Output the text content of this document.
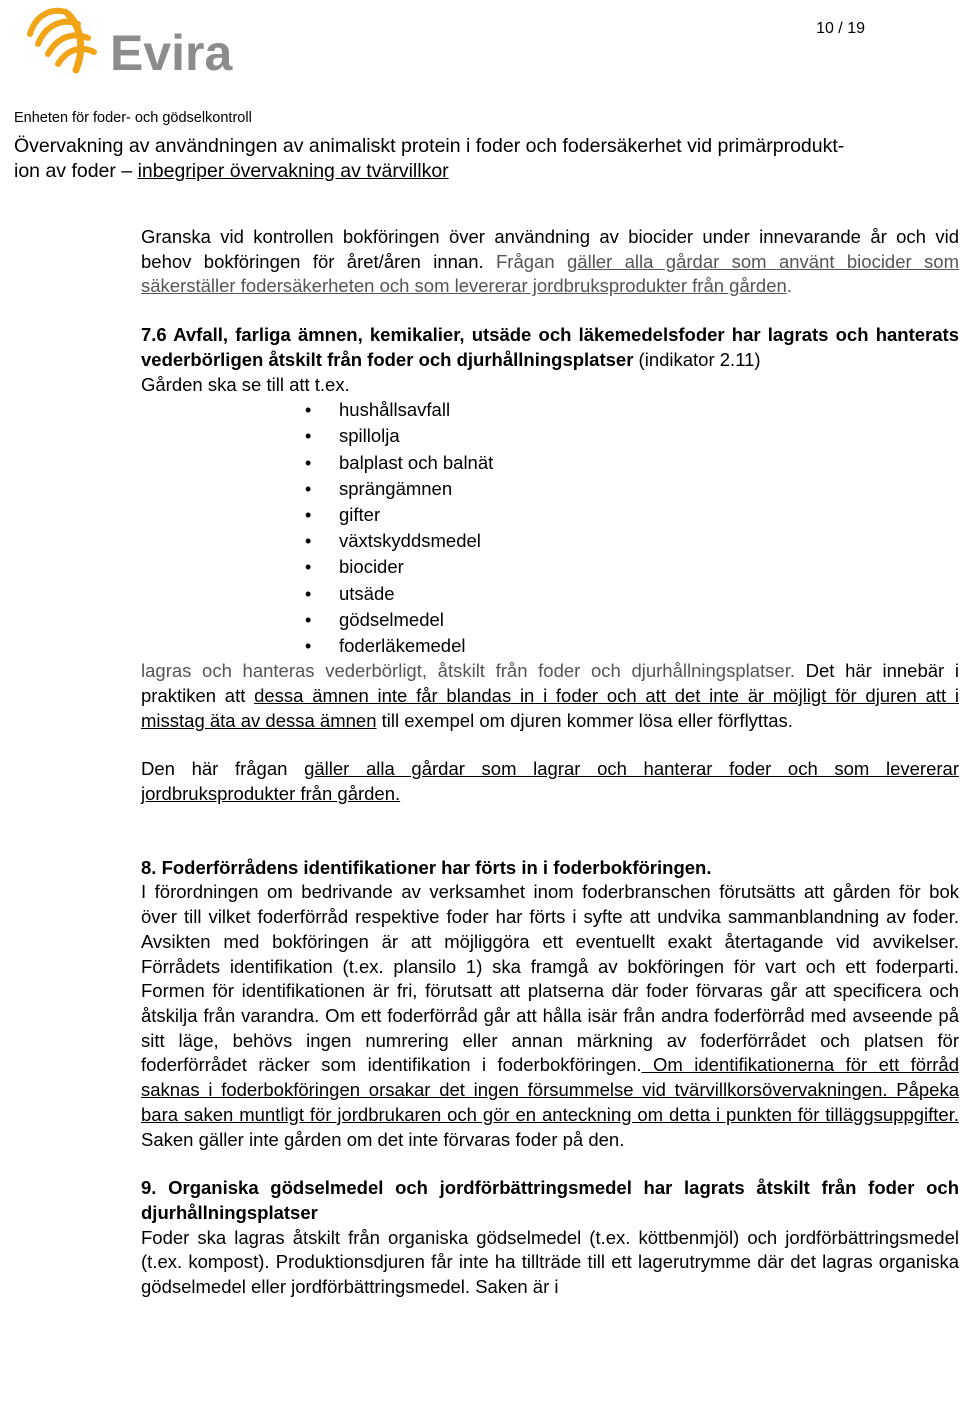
Evira	10 / 19
Enheten för foder- och gödselkontroll
Övervakning av användningen av animaliskt protein i foder och fodersäkerhet vid primärprodukt-
ion av foder – inbegriper övervakning av tvärvillkor

Granska vid kontrollen bokföringen över användning av biocider under innevarande år och vid behov bokföringen för året/åren innan. Frågan gäller alla gårdar som använt biocider som säkerställer fodersäkerheten och som levererar jordbruksprodukter från gården.

7.6 Avfall, farliga ämnen, kemikalier, utsäde och läkemedelsfoder har lagrats och hanterats vederbörligen åtskilt från foder och djurhållningsplatser (indikator 2.11)

Gården ska se till att t.ex.

• hushållsavfall
• spillolja
• balplast och balnät
• sprängämnen
• gifter
• växtskyddsmedel
• biocider
• utsäde
• gödselmedel
• foderläkemedel

lagras och hanteras vederbörligt, åtskilt från foder och djurhållningsplatser. Det här innebär i praktiken att dessa ämnen inte får blandas in i foder och att det inte är möjligt för djuren att i misstag äta av dessa ämnen till exempel om djuren kommer lösa eller förflyttas.

Den här frågan gäller alla gårdar som lagrar och hanterar foder och som levererar jordbruksprodukter från gården.

8. Foderförrådens identifikationer har förts in i foderbokföringen.

I förordningen om bedrivande av verksamhet inom foderbranschen förutsätts att gården för bok över till vilket foderförråd respektive foder har förts i syfte att undvika sammanblandning av foder. Avsikten med bokföringen är att möjliggöra ett eventuellt exakt återtagande vid avvikelser. Förrådets identifikation (t.ex. plansilo 1) ska framgå av bokföringen för vart och ett foderparti. Formen för identifikationen är fri, förutsatt att platserna där foder förvaras går att specificera och åtskilja från varandra. Om ett foderförråd går att hålla isär från andra foderförråd med avseende på sitt läge, behövs ingen numrering eller annan märkning av foderförrådet och platsen för foderförrådet räcker som identifikation i foderbokföringen. Om identifikationerna för ett förråd saknas i foderbokföringen orsakar det ingen försummelse vid tvärvillkorsövervakningen. Påpeka bara saken muntligt för jordbrukaren och gör en anteckning om detta i punkten för tilläggsuppgifter. Saken gäller inte gården om det inte förvaras foder på den.

9. Organiska gödselmedel och jordförbättringsmedel har lagrats åtskilt från foder och djurhållningsplatser

Foder ska lagras åtskilt från organiska gödselmedel (t.ex. köttbenmjöl) och jordförbättringsmedel (t.ex. kompost). Produktionsdjuren får inte ha tillträde till ett lagerutrymme där det lagras organiska gödselmedel eller jordförbättringsmedel. Saken är i
